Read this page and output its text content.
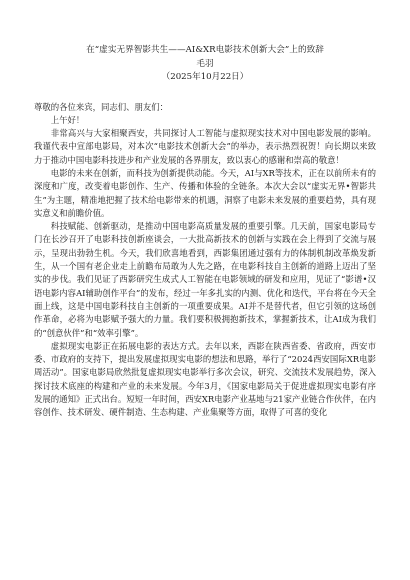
在“虚实无界智影共生——AI&XR电影技术创新大会”上的致辞
毛羽
（2025年10月22日）
尊敬的各位来宾，同志们、朋友们：

上午好！

非常高兴与大家相聚西安，共同探讨人工智能与虚拟现实技术对中国电影发展的影响。我谨代表中宣部电影局，对本次“电影技术创新大会”的举办，表示热烈祝贺！向长期以来致力于推动中国电影科技进步和产业发展的各界朋友，致以衷心的感谢和崇高的敬意！

电影的未来在创新，而科技为创新提供动能。今天，AI与XR等技术，正在以前所未有的深度和广度，改变着电影创作、生产、传播和体验的全链条。本次大会以“虚实无界•智影共生”为主题，精准地把握了技术给电影带来的机遇，洞察了电影未来发展的重要趋势，具有现实意义和前瞻价值。

科技赋能、创新驱动，是推动中国电影高质量发展的重要引擎。几天前，国家电影局专门在长沙召开了电影科技创新座谈会，一大批高新技术的创新与实践在会上得到了交流与展示，呈现出勃勃生机。今天，我们欣喜地看到，西影集团通过强有力的体制机制改革焕发新生，从一个国有老企业走上前瞻布局敢为人先之路，在电影科技自主创新的道路上迈出了坚实的步伐。我们见证了西影研究生成式人工智能在电影领域的研发和应用，见证了“影谱•汉语电影内容AI辅助创作平台”的发布，经过一年多扎实的内测、优化和迭代，平台将在今天全面上线，这是中国电影科技自主创新的一项重要成果。AI并不是替代者，但它引领的这场创作革命，必将为电影赋予强大的力量。我们要积极拥抱新技术，掌握新技术，让AI成为我们的“创意伙伴”和“效率引擎”。

虚拟现实电影正在拓展电影的表达方式。去年以来，西影在陕西省委、省政府，西安市委、市政府的支持下，提出发展虚拟现实电影的想法和思路，举行了“2024西安国际XR电影周活动”。国家电影局欣然批复虚拟现实电影举行多次会议，研究、交流技术发展趋势，深入探讨技术底座的构建和产业的未来发展。今年3月，《国家电影局关于促进虚拟现实电影有序发展的通知》正式出台。短短一年时间，西安XR电影产业基地与21家产业链合作伙伴，在内容创作、技术研发、硬件制造、生态构建、产业集聚等方面，取得了可喜的变化
